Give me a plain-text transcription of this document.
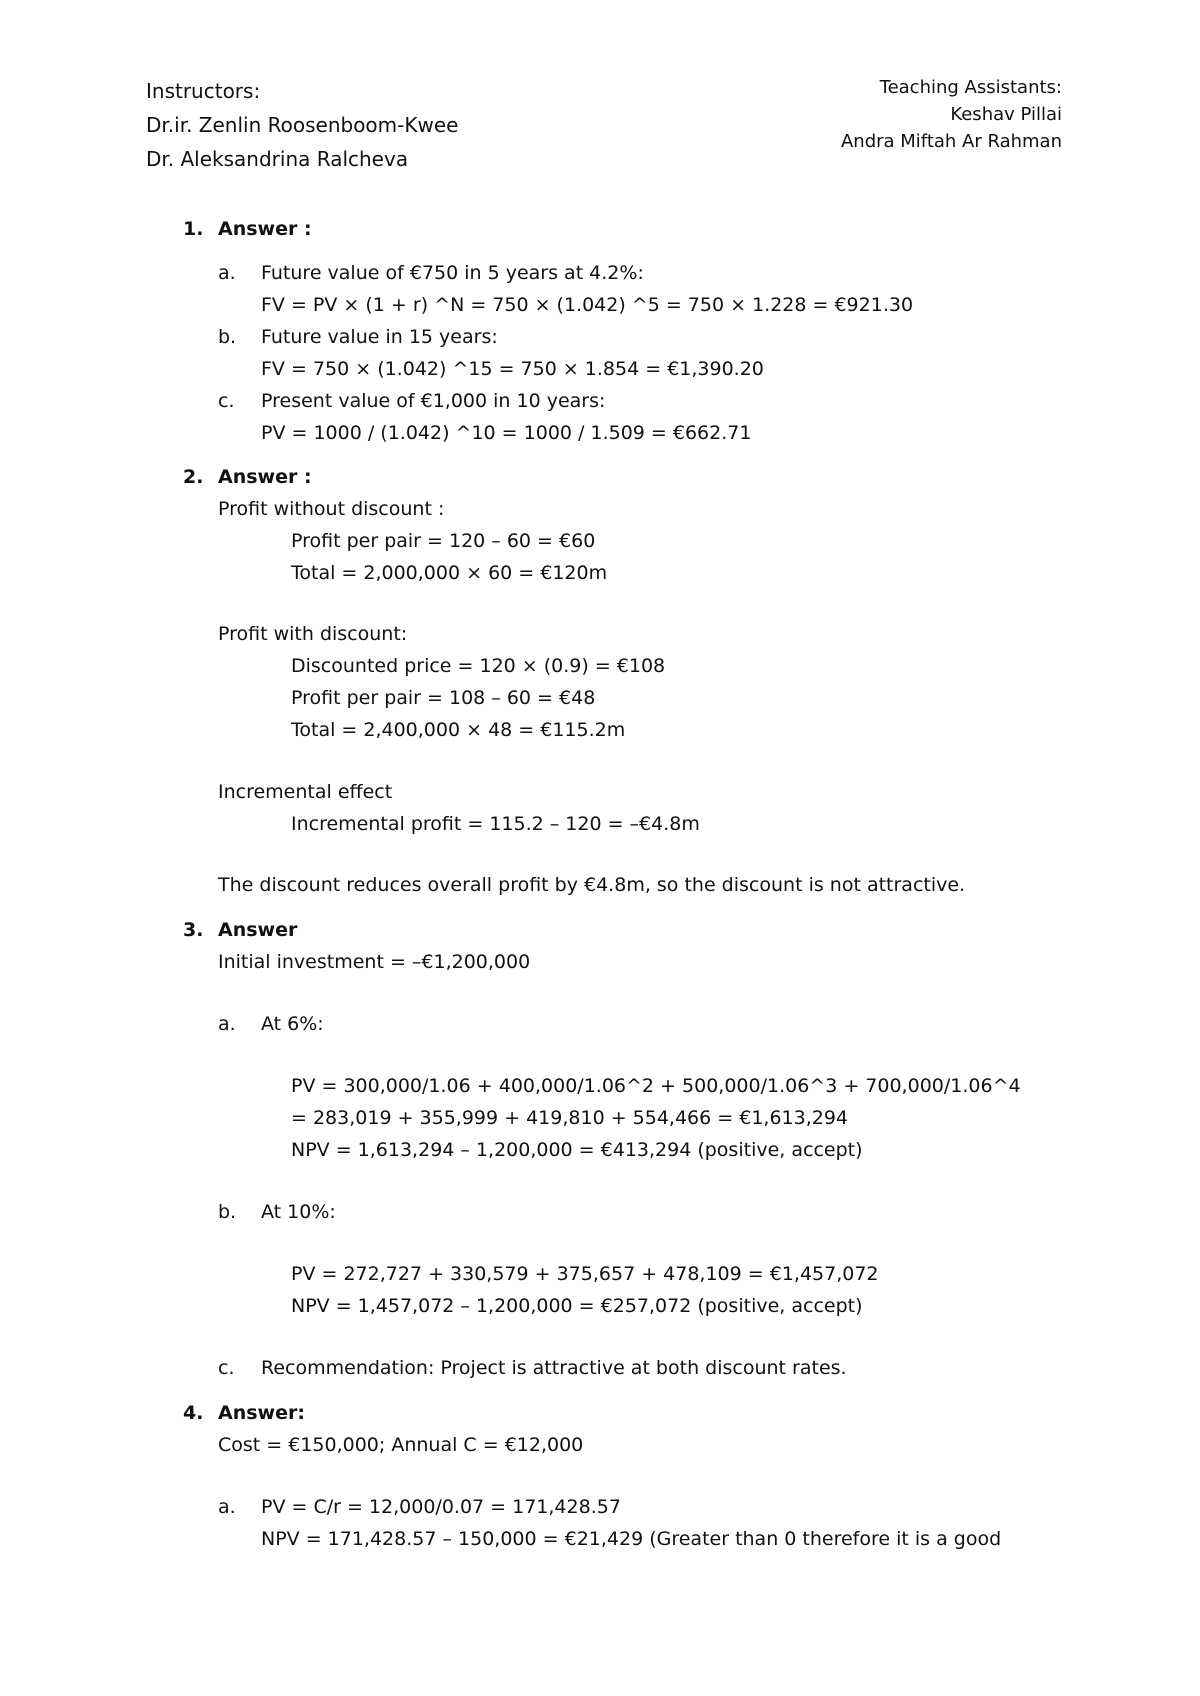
Instructors:
Dr.ir. Zenlin Roosenboom-Kwee
Dr. Aleksandrina Ralcheva
Teaching Assistants:
Keshav Pillai
Andra Miftah Ar Rahman
1. Answer :
a. Future value of €750 in 5 years at 4.2%:
FV = PV × (1 + r) ^N = 750 × (1.042) ^5 = 750 × 1.228 = €921.30
b. Future value in 15 years:
FV = 750 × (1.042) ^15 = 750 × 1.854 = €1,390.20
c. Present value of €1,000 in 10 years:
PV = 1000 / (1.042) ^10 = 1000 / 1.509 = €662.71
2. Answer :
Profit without discount :
Profit per pair = 120 – 60 = €60
Total = 2,000,000 × 60 = €120m
Profit with discount:
Discounted price = 120 × (0.9) = €108
Profit per pair = 108 – 60 = €48
Total = 2,400,000 × 48 = €115.2m
Incremental effect
Incremental profit = 115.2 – 120 = –€4.8m
The discount reduces overall profit by €4.8m, so the discount is not attractive.
3. Answer
Initial investment = –€1,200,000
a. At 6%:
PV = 300,000/1.06 + 400,000/1.06^2 + 500,000/1.06^3 + 700,000/1.06^4
= 283,019 + 355,999 + 419,810 + 554,466 = €1,613,294
NPV = 1,613,294 – 1,200,000 = €413,294 (positive, accept)
b. At 10%:
PV = 272,727 + 330,579 + 375,657 + 478,109 = €1,457,072
NPV = 1,457,072 – 1,200,000 = €257,072 (positive, accept)
c. Recommendation: Project is attractive at both discount rates.
4. Answer:
Cost = €150,000; Annual C = €12,000
a. PV = C/r = 12,000/0.07 = 171,428.57
NPV = 171,428.57 – 150,000 = €21,429 (Greater than 0 therefore it is a good
